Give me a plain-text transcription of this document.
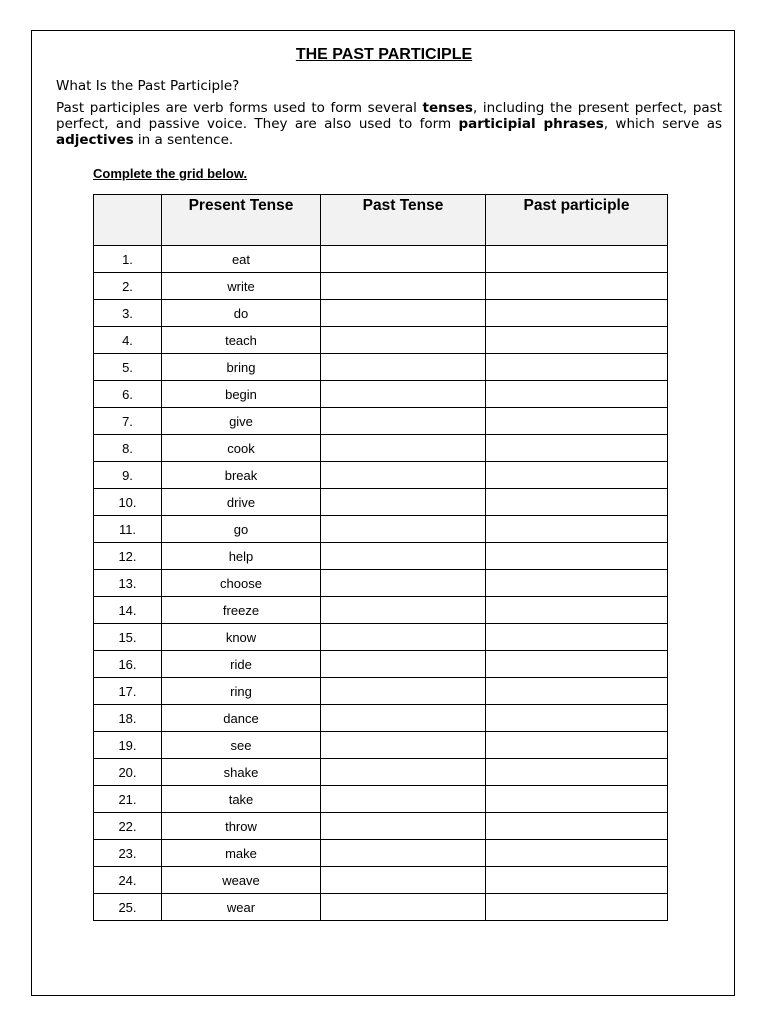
THE PAST PARTICIPLE
What Is the Past Participle?
Past participles are verb forms used to form several tenses, including the present perfect, past perfect, and passive voice. They are also used to form participial phrases, which serve as adjectives in a sentence.
Complete the grid below.
	Present Tense	Past Tense	Past participle
1.	eat		
2.	write		
3.	do		
4.	teach		
5.	bring		
6.	begin		
7.	give		
8.	cook		
9.	break		
10.	drive		
11.	go		
12.	help		
13.	choose		
14.	freeze		
15.	know		
16.	ride		
17.	ring		
18.	dance		
19.	see		
20.	shake		
21.	take		
22.	throw		
23.	make		
24.	weave		
25.	wear		
